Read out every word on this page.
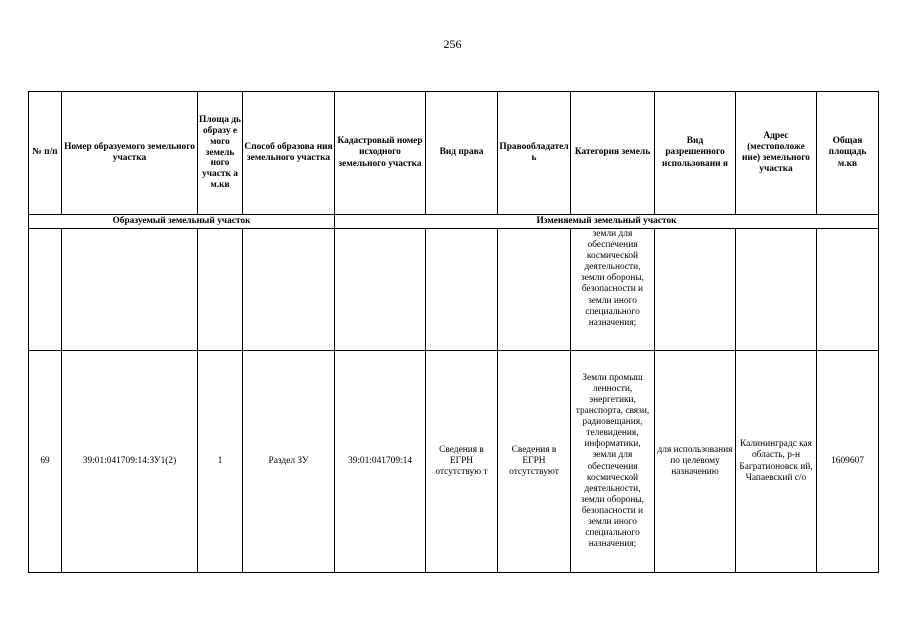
256
№ п/п	Номер образуемого земельного участка	Площа дь образу е мого земель ного участк а м.кв	Способ образова ния земельного участка	Кадастровый номер исходного земельного участка	Вид права	Правообладатель	Категория земель	Вид разрешенного использовани я	Адрес (местоположе ние) земельного участка	Общая площадь м.кв
Образуемый земельный участок				Изменяемый земельный участок						
							земли для обеспечения космической деятельности, земли обороны, безопасности и земли иного специального назначения;			
69	39:01:041709:14:ЗУ1(2)	1	Раздел ЗУ	39:01:041709:14	Сведения в ЕГРН отсутствую т	Сведения в ЕГРН отсутствуют	Земли промыш ленности, энергетики, транспорта, связи, радиовещания, телевидения, информатики, земли для обеспечения космической деятельности, земли обороны, безопасности и земли иного специального назначения;	для использования по целевому назначению	Калининградс кая область, р-н Багратионовск ий, Чапаевский с/о	1609607
